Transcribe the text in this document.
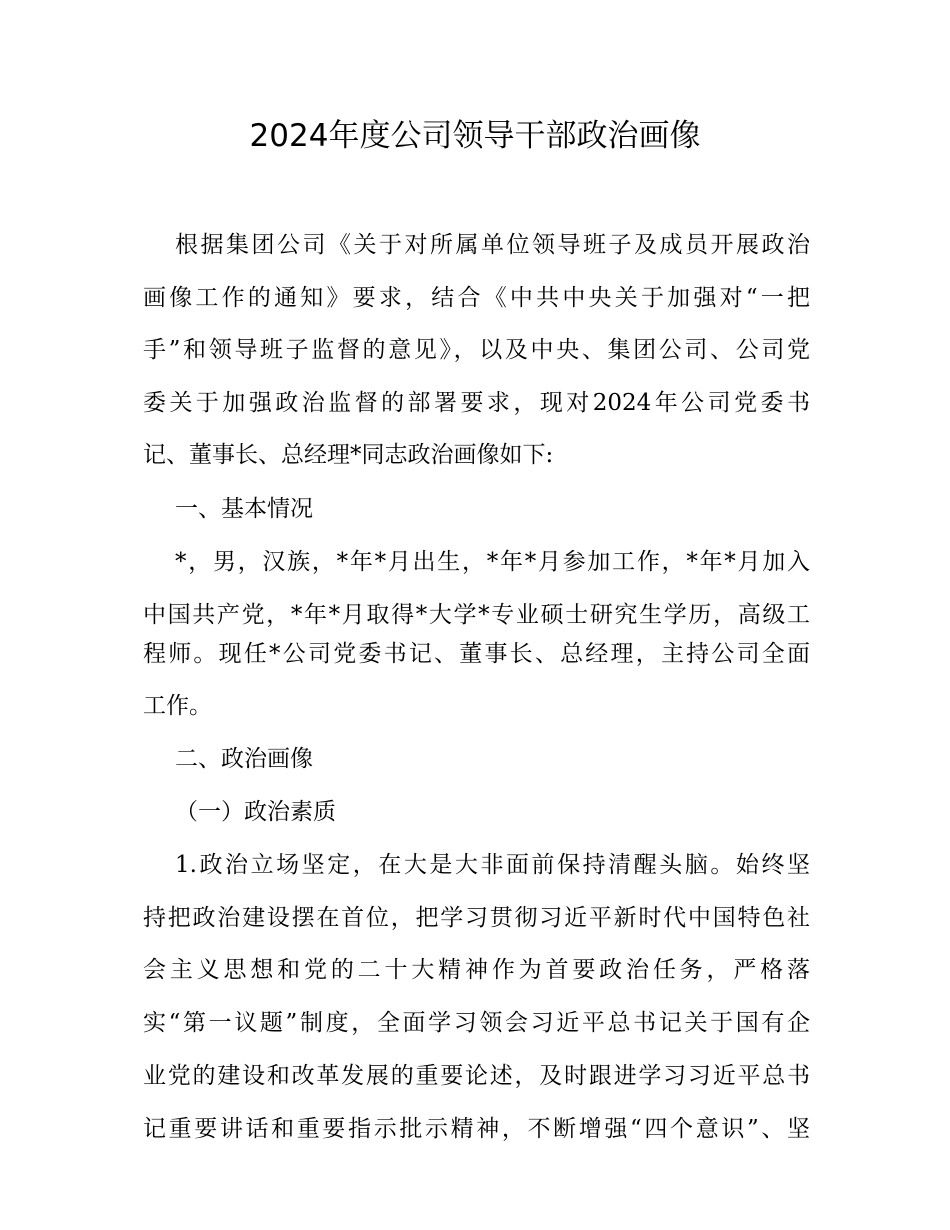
2024年度公司领导干部政治画像
根据集团公司《关于对所属单位领导班子及成员开展政治
画像工作的通知》要求，结合《中共中央关于加强对“一把
手”和领导班子监督的意见》，以及中央、集团公司、公司党
委关于加强政治监督的部署要求，现对2024年公司党委书
记、董事长、总经理*同志政治画像如下:
一、基本情况
*，男，汉族，*年*月出生，*年*月参加工作，*年*月加入
中国共产党，*年*月取得*大学*专业硕士研究生学历，高级工
程师。现任*公司党委书记、董事长、总经理，主持公司全面
工作。
二、政治画像
（一）政治素质
1.政治立场坚定，在大是大非面前保持清醒头脑。始终坚
持把政治建设摆在首位，把学习贯彻习近平新时代中国特色社
会主义思想和党的二十大精神作为首要政治任务，严格落
实“第一议题”制度，全面学习领会习近平总书记关于国有企
业党的建设和改革发展的重要论述，及时跟进学习习近平总书
记重要讲话和重要指示批示精神，不断增强“四个意识”、坚
